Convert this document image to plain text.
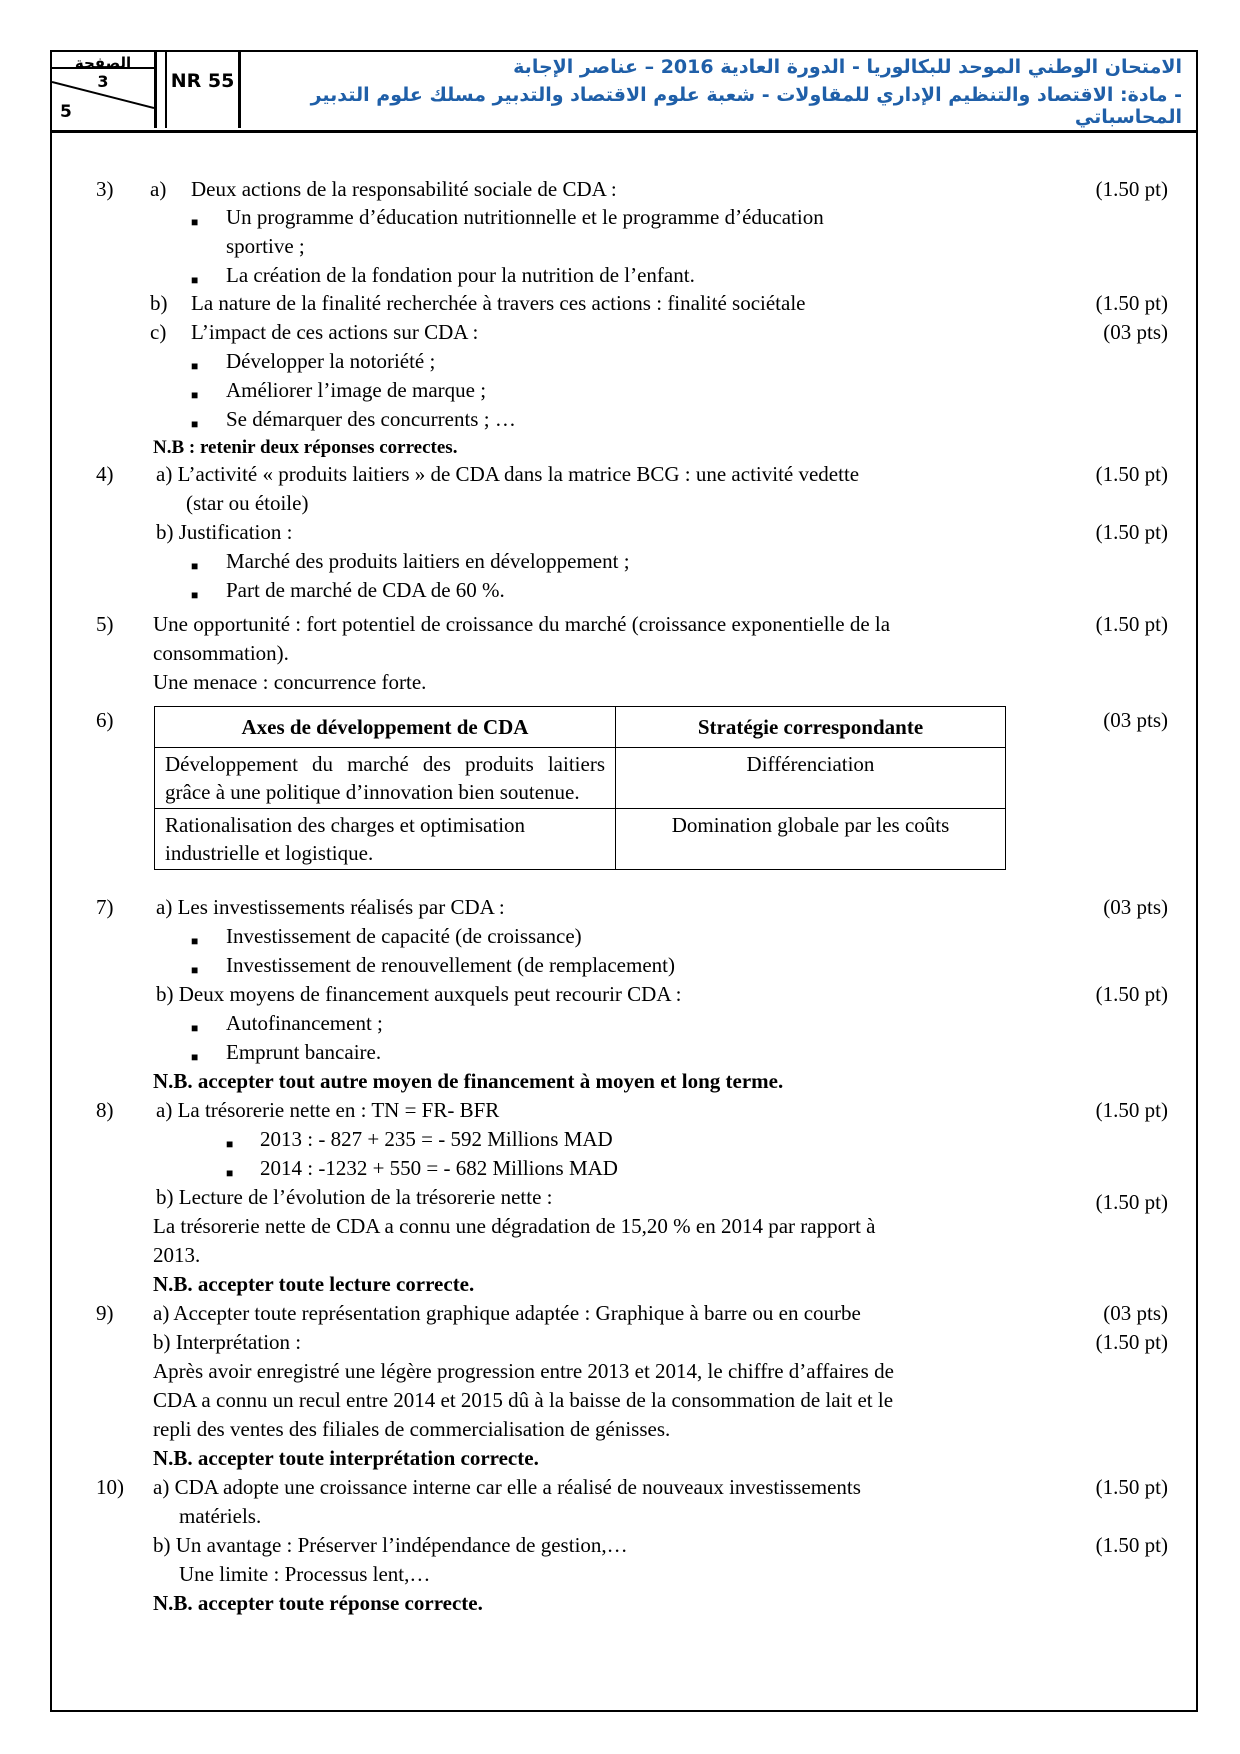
الصفحة
3
5
NR 55
الامتحان الوطني الموحد للبكالوريا - الدورة العادية 2016 – عناصر الإجابة
- مادة: الاقتصاد والتنظيم الإداري للمقاولات - شعبة علوم الاقتصاد والتدبير مسلك علوم التدبير المحاسباتي
3) a) Deux actions de la responsabilité sociale de CDA :	(1.50 pt)
■ Un programme d’éducation nutritionnelle et le programme d’éducation
sportive ;
■ La création de la fondation pour la nutrition de l’enfant.
b) La nature de la finalité recherchée à travers ces actions : finalité sociétale	(1.50 pt)
c) L’impact de ces actions sur CDA :	(03 pts)
■ Développer la notoriété ;
■ Améliorer l’image de marque ;
■ Se démarquer des concurrents ; …
N.B : retenir deux réponses correctes.
4) a) L’activité « produits laitiers » de CDA dans la matrice BCG : une activité vedette	(1.50 pt)
(star ou étoile)
b) Justification :	(1.50 pt)
■ Marché des produits laitiers en développement ;
■ Part de marché de CDA de 60 %.
5) Une opportunité : fort potentiel de croissance du marché (croissance exponentielle de la	(1.50 pt)
consommation).
Une menace : concurrence forte.
6)	(03 pts)
Axes de développement de CDA	Stratégie correspondante
Développement du marché des produits laitiers grâce à une politique d’innovation bien soutenue.	Différenciation
Rationalisation des charges et optimisation industrielle et logistique.	Domination globale par les coûts
7) a) Les investissements réalisés par CDA :	(03 pts)
■ Investissement de capacité (de croissance)
■ Investissement de renouvellement (de remplacement)
b) Deux moyens de financement auxquels peut recourir CDA :	(1.50 pt)
■ Autofinancement ;
■ Emprunt bancaire.
N.B. accepter tout autre moyen de financement à moyen et long terme.
8) a) La trésorerie nette en : TN = FR- BFR	(1.50 pt)
■ 2013 : - 827 + 235 = - 592 Millions MAD
■ 2014 : -1232 + 550 = - 682 Millions MAD
b) Lecture de l’évolution de la trésorerie nette :	(1.50 pt)
La trésorerie nette de CDA a connu une dégradation de 15,20 % en 2014 par rapport à
2013.
N.B. accepter toute lecture correcte.
9) a) Accepter toute représentation graphique adaptée : Graphique à barre ou en courbe	(03 pts)
b) Interprétation :	(1.50 pt)
Après avoir enregistré une légère progression entre 2013 et 2014, le chiffre d’affaires de
CDA a connu un recul entre 2014 et 2015 dû à la baisse de la consommation de lait et le
repli des ventes des filiales de commercialisation de génisses.
N.B. accepter toute interprétation correcte.
10) a) CDA adopte une croissance interne car elle a réalisé de nouveaux investissements	(1.50 pt)
matériels.
b) Un avantage : Préserver l’indépendance de gestion,…	(1.50 pt)
Une limite : Processus lent,…
N.B. accepter toute réponse correcte.
